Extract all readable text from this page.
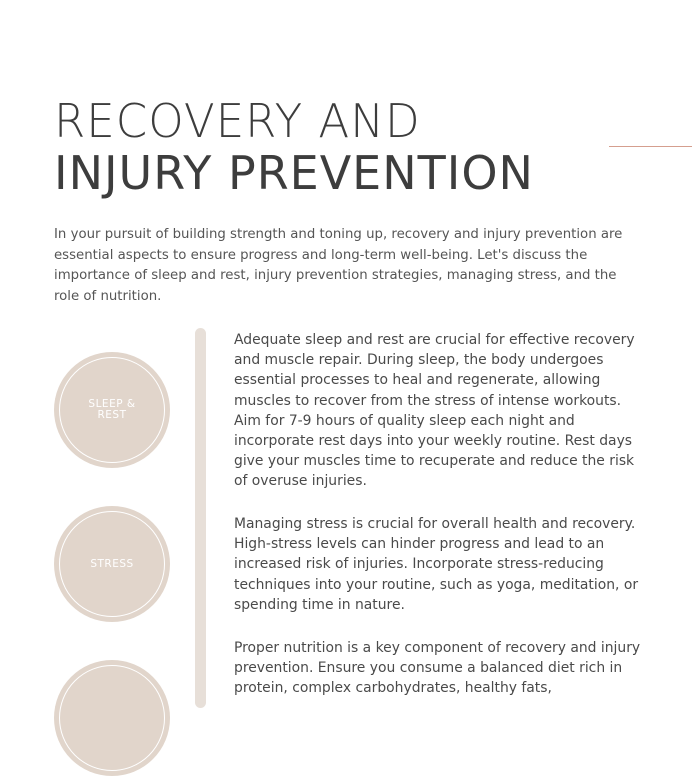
RECOVERY AND
INJURY PREVENTION

In your pursuit of building strength and toning up, recovery and injury prevention are essential aspects to ensure progress and long-term well-being. Let's discuss the importance of sleep and rest, injury prevention strategies, managing stress, and the role of nutrition.

SLEEP & REST
STRESS

Adequate sleep and rest are crucial for effective recovery and muscle repair. During sleep, the body undergoes essential processes to heal and regenerate, allowing muscles to recover from the stress of intense workouts. Aim for 7-9 hours of quality sleep each night and incorporate rest days into your weekly routine. Rest days give your muscles time to recuperate and reduce the risk of overuse injuries.

Managing stress is crucial for overall health and recovery. High-stress levels can hinder progress and lead to an increased risk of injuries. Incorporate stress-reducing techniques into your routine, such as yoga, meditation, or spending time in nature.

Proper nutrition is a key component of recovery and injury prevention. Ensure you consume a balanced diet rich in protein, complex carbohydrates, healthy fats,
